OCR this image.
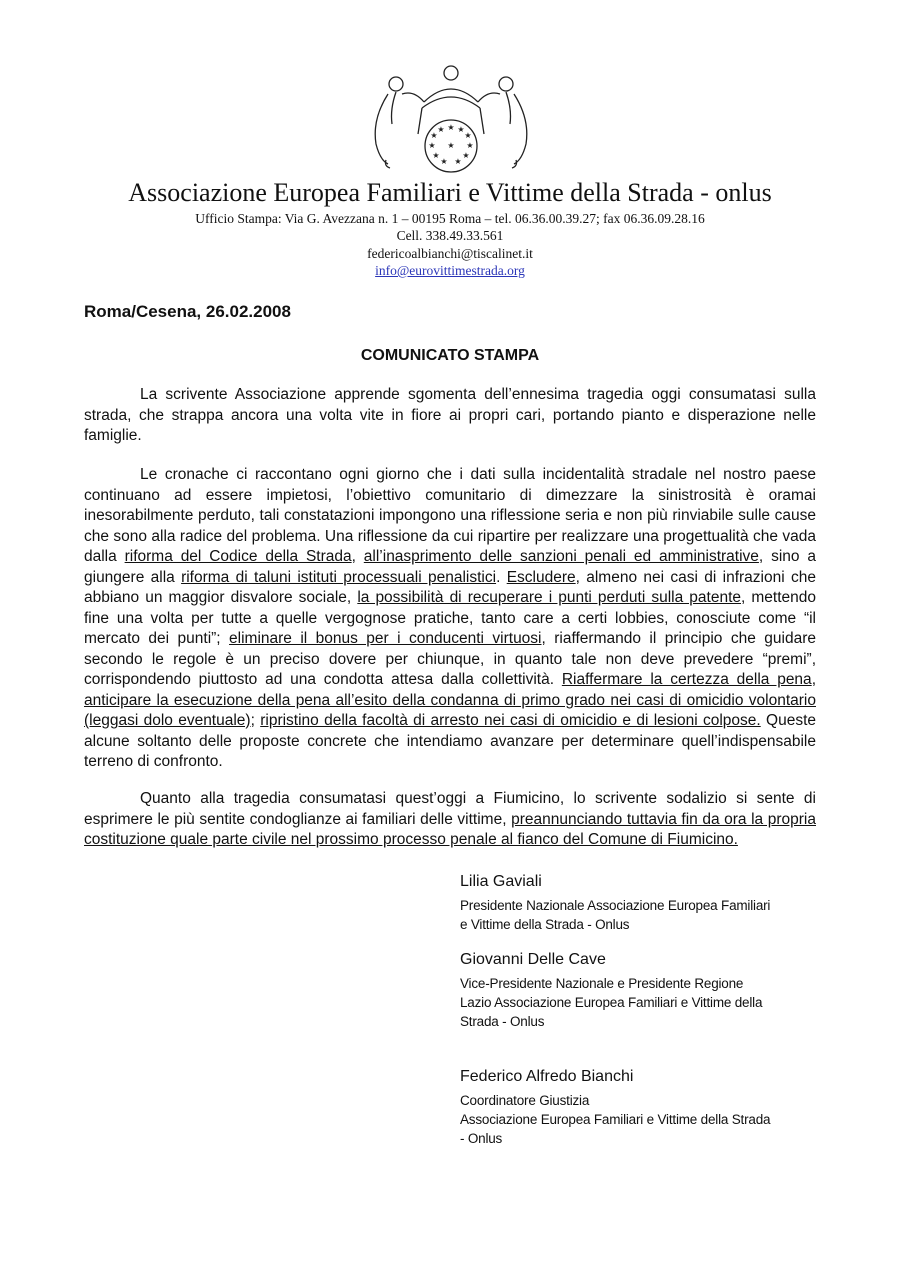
★ ★
★
★
★
★
★
★
★
★
★
★
Associazione Europea Familiari e Vittime della Strada - onlus
Ufficio Stampa: Via G. Avezzana n. 1 – 00195 Roma – tel. 06.36.00.39.27; fax 06.36.09.28.16
Cell. 338.49.33.561
federicoalbianchi@tiscalinet.it
info@eurovittimestrada.org
Roma/Cesena, 26.02.2008
COMUNICATO STAMPA

La scrivente Associazione apprende sgomenta dell’ennesima tragedia oggi consumatasi sulla strada, che strappa ancora una volta vite in fiore ai propri cari, portando pianto e disperazione nelle famiglie.

Le cronache ci raccontano ogni giorno che i dati sulla incidentalità stradale nel nostro paese continuano ad essere impietosi, l’obiettivo comunitario di dimezzare la sinistrosità è oramai inesorabilmente perduto, tali constatazioni impongono una riflessione seria e non più rinviabile sulle cause che sono alla radice del problema. Una riflessione da cui ripartire per realizzare una progettualità che vada dalla riforma del Codice della Strada, all’inasprimento delle sanzioni penali ed amministrative, sino a giungere alla riforma di taluni istituti processuali penalistici. Escludere, almeno nei casi di infrazioni che abbiano un maggior disvalore sociale, la possibilità di recuperare i punti perduti sulla patente, mettendo fine una volta per tutte a quelle vergognose pratiche, tanto care a certi lobbies, conosciute come “il mercato dei punti”; eliminare il bonus per i conducenti virtuosi, riaffermando il principio che guidare secondo le regole è un preciso dovere per chiunque, in quanto tale non deve prevedere “premi”, corrispondendo piuttosto ad una condotta attesa dalla collettività. Riaffermare la certezza della pena, anticipare la esecuzione della pena all’esito della condanna di primo grado nei casi di omicidio volontario (leggasi dolo eventuale); ripristino della facoltà di arresto nei casi di omicidio e di lesioni colpose. Queste alcune soltanto delle proposte concrete che intendiamo avanzare per determinare quell’indispensabile terreno di confronto.

Quanto alla tragedia consumatasi quest’oggi a Fiumicino, lo scrivente sodalizio si sente di esprimere le più sentite condoglianze ai familiari delle vittime, preannunciando tuttavia fin da ora la propria costituzione quale parte civile nel prossimo processo penale al fianco del Comune di Fiumicino.

Lilia Gaviali

Presidente Nazionale Associazione Europea Familiari

e Vittime della Strada - Onlus

Giovanni Delle Cave

Vice-Presidente Nazionale e Presidente Regione

Lazio Associazione Europea Familiari e Vittime della

Strada - Onlus

Federico Alfredo Bianchi

Coordinatore Giustizia

Associazione Europea Familiari e Vittime della Strada

- Onlus
